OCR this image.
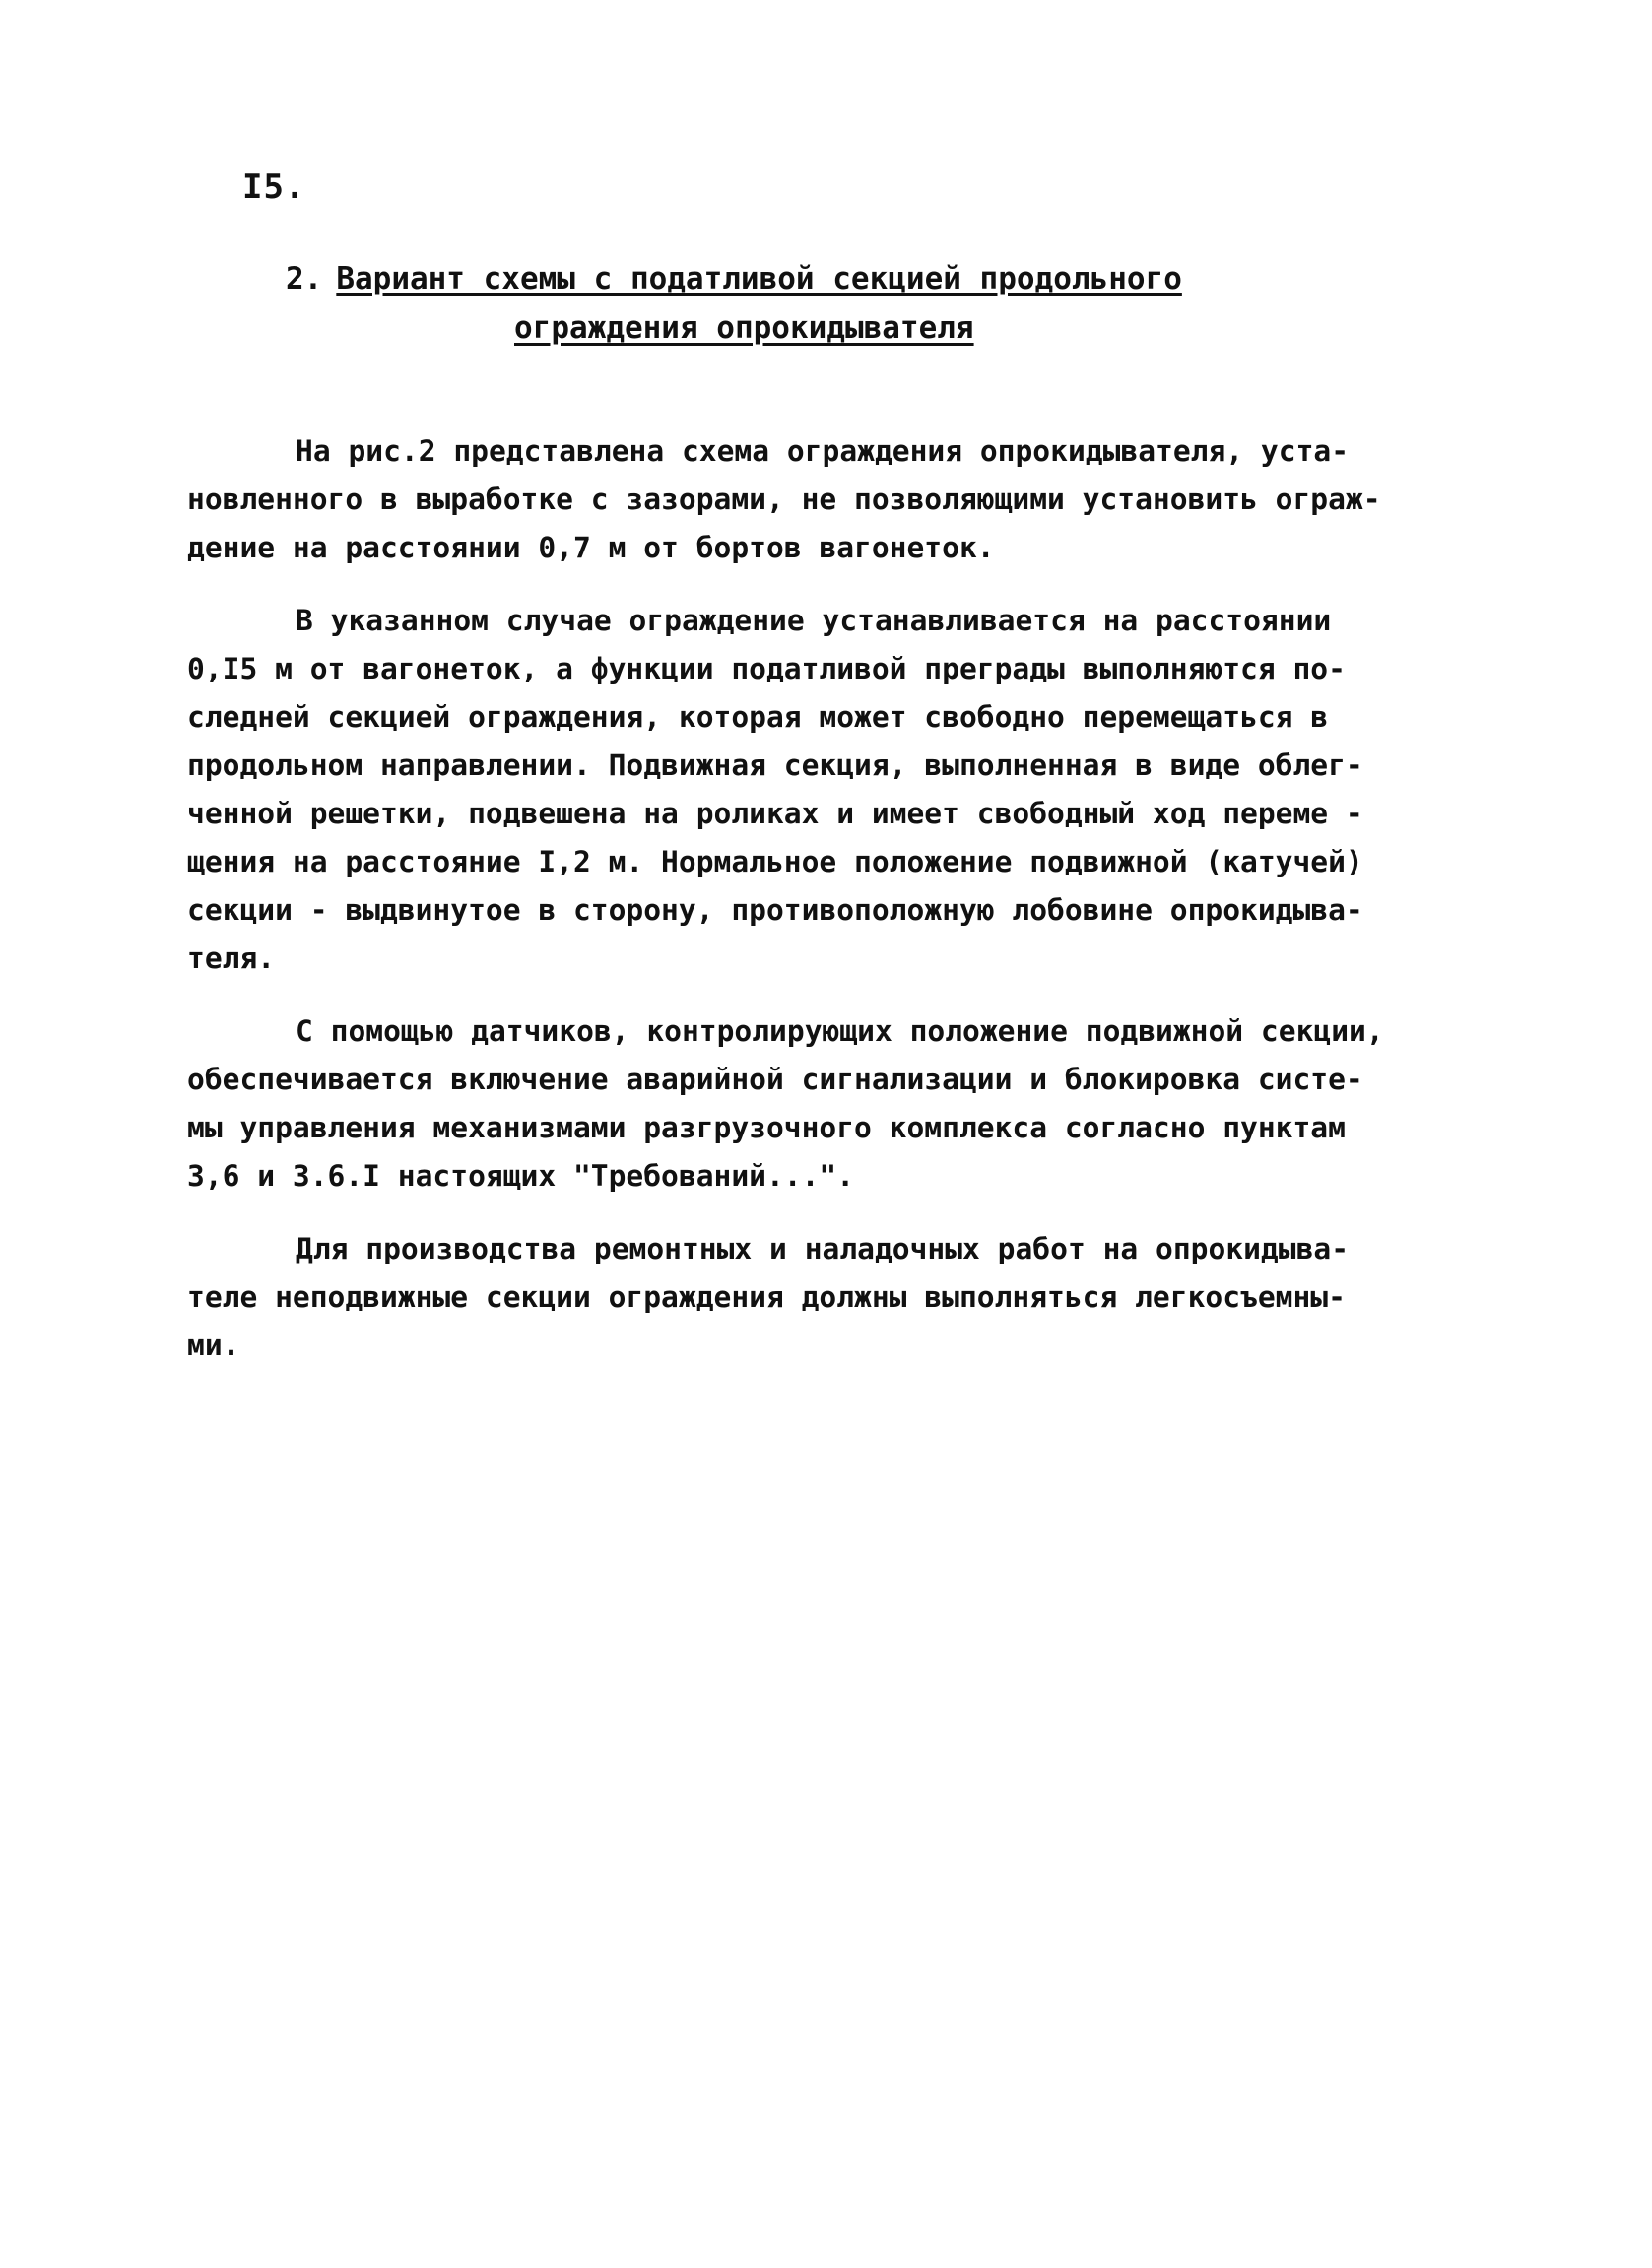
I5.
2. Вариант схемы с податливой секцией продольного
ограждения опрокидывателя
На рис.2 представлена схема ограждения опрокидывателя, уста-
новленного в выработке с зазорами, не позволяющими установить ограж-
дение на расстоянии 0,7 м от бортов вагонеток.
В указанном случае ограждение устанавливается на расстоянии
0,I5 м от вагонеток, а функции податливой преграды выполняются по-
следней секцией ограждения, которая может свободно перемещаться в
продольном направлении. Подвижная секция, выполненная в виде облег-
ченной решетки, подвешена на роликах и имеет свободный ход переме -
щения на расстояние I,2 м. Нормальное положение подвижной (катучей)
секции - выдвинутое в сторону, противоположную лобовине опрокидыва-
теля.
С помощью датчиков, контролирующих положение подвижной секции,
обеспечивается включение аварийной сигнализации и блокировка систе-
мы управления механизмами разгрузочного комплекса согласно пунктам
3,6 и 3.6.I настоящих "Требований...".
Для производства ремонтных и наладочных работ на опрокидыва-
теле неподвижные секции ограждения должны выполняться легкосъемны-
ми.
